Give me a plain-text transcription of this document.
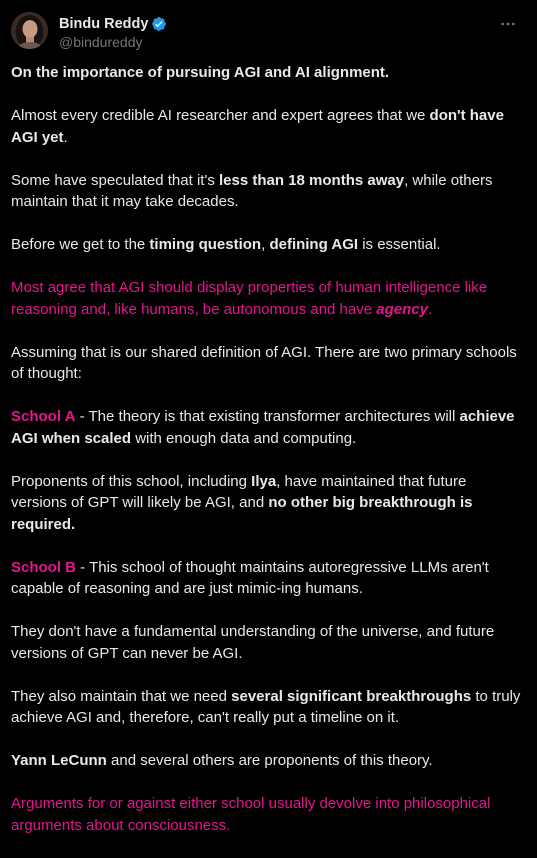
Bindu Reddy
@bindureddy

On the importance of pursuing AGI and AI alignment.

Almost every credible AI researcher and expert agrees that we don't have AGI yet.

Some have speculated that it's less than 18 months away, while others maintain that it may take decades.

Before we get to the timing question, defining AGI is essential.

Most agree that AGI should display properties of human intelligence like reasoning and, like humans, be autonomous and have agency.

Assuming that is our shared definition of AGI. There are two primary schools of thought:

School A - The theory is that existing transformer architectures will achieve AGI when scaled with enough data and computing.

Proponents of this school, including Ilya, have maintained that future versions of GPT will likely be AGI, and no other big breakthrough is required.

School B - This school of thought maintains autoregressive LLMs aren't capable of reasoning and are just mimic-ing humans.

They don't have a fundamental understanding of the universe, and future versions of GPT can never be AGI.

They also maintain that we need several significant breakthroughs to truly achieve AGI and, therefore, can't really put a timeline on it.

Yann LeCunn and several others are proponents of this theory.

Arguments for or against either school usually devolve into philosophical arguments about consciousness.
